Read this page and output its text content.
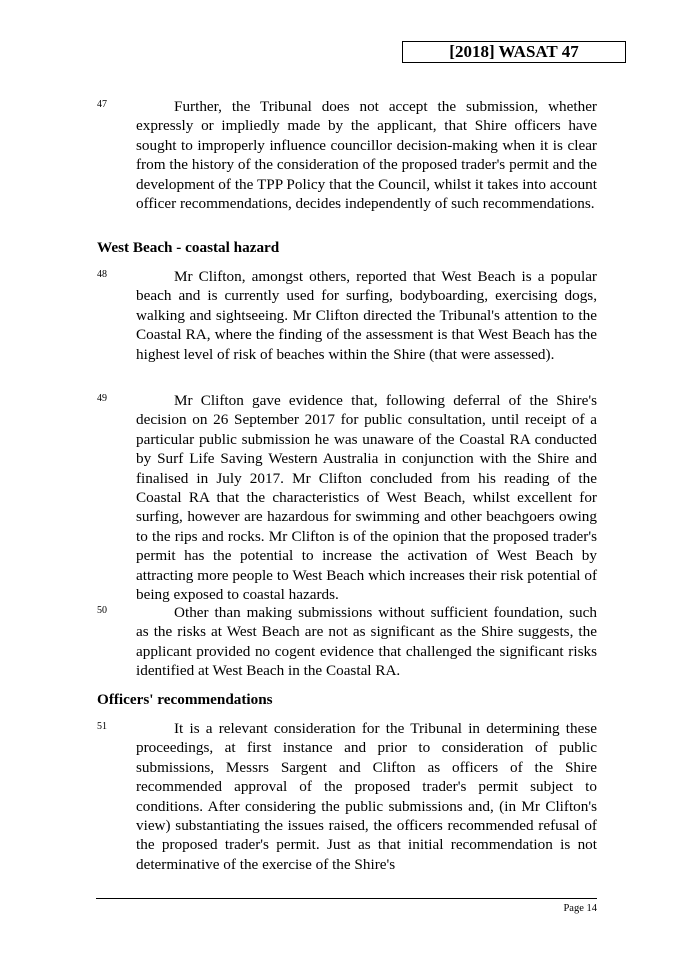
[2018] WASAT 47
47	Further, the Tribunal does not accept the submission, whether expressly or impliedly made by the applicant, that Shire officers have sought to improperly influence councillor decision-making when it is clear from the history of the consideration of the proposed trader's permit and the development of the TPP Policy that the Council, whilst it takes into account officer recommendations, decides independently of such recommendations.
West Beach - coastal hazard
48	Mr Clifton, amongst others, reported that West Beach is a popular beach and is currently used for surfing, bodyboarding, exercising dogs, walking and sightseeing. Mr Clifton directed the Tribunal's attention to the Coastal RA, where the finding of the assessment is that West Beach has the highest level of risk of beaches within the Shire (that were assessed).
49	Mr Clifton gave evidence that, following deferral of the Shire's decision on 26 September 2017 for public consultation, until receipt of a particular public submission he was unaware of the Coastal RA conducted by Surf Life Saving Western Australia in conjunction with the Shire and finalised in July 2017. Mr Clifton concluded from his reading of the Coastal RA that the characteristics of West Beach, whilst excellent for surfing, however are hazardous for swimming and other beachgoers owing to the rips and rocks. Mr Clifton is of the opinion that the proposed trader's permit has the potential to increase the activation of West Beach by attracting more people to West Beach which increases their risk potential of being exposed to coastal hazards.
50	Other than making submissions without sufficient foundation, such as the risks at West Beach are not as significant as the Shire suggests, the applicant provided no cogent evidence that challenged the significant risks identified at West Beach in the Coastal RA.
Officers' recommendations
51	It is a relevant consideration for the Tribunal in determining these proceedings, at first instance and prior to consideration of public submissions, Messrs Sargent and Clifton as officers of the Shire recommended approval of the proposed trader's permit subject to conditions. After considering the public submissions and, (in Mr Clifton's view) substantiating the issues raised, the officers recommended refusal of the proposed trader's permit. Just as that initial recommendation is not determinative of the exercise of the Shire's
Page 14
